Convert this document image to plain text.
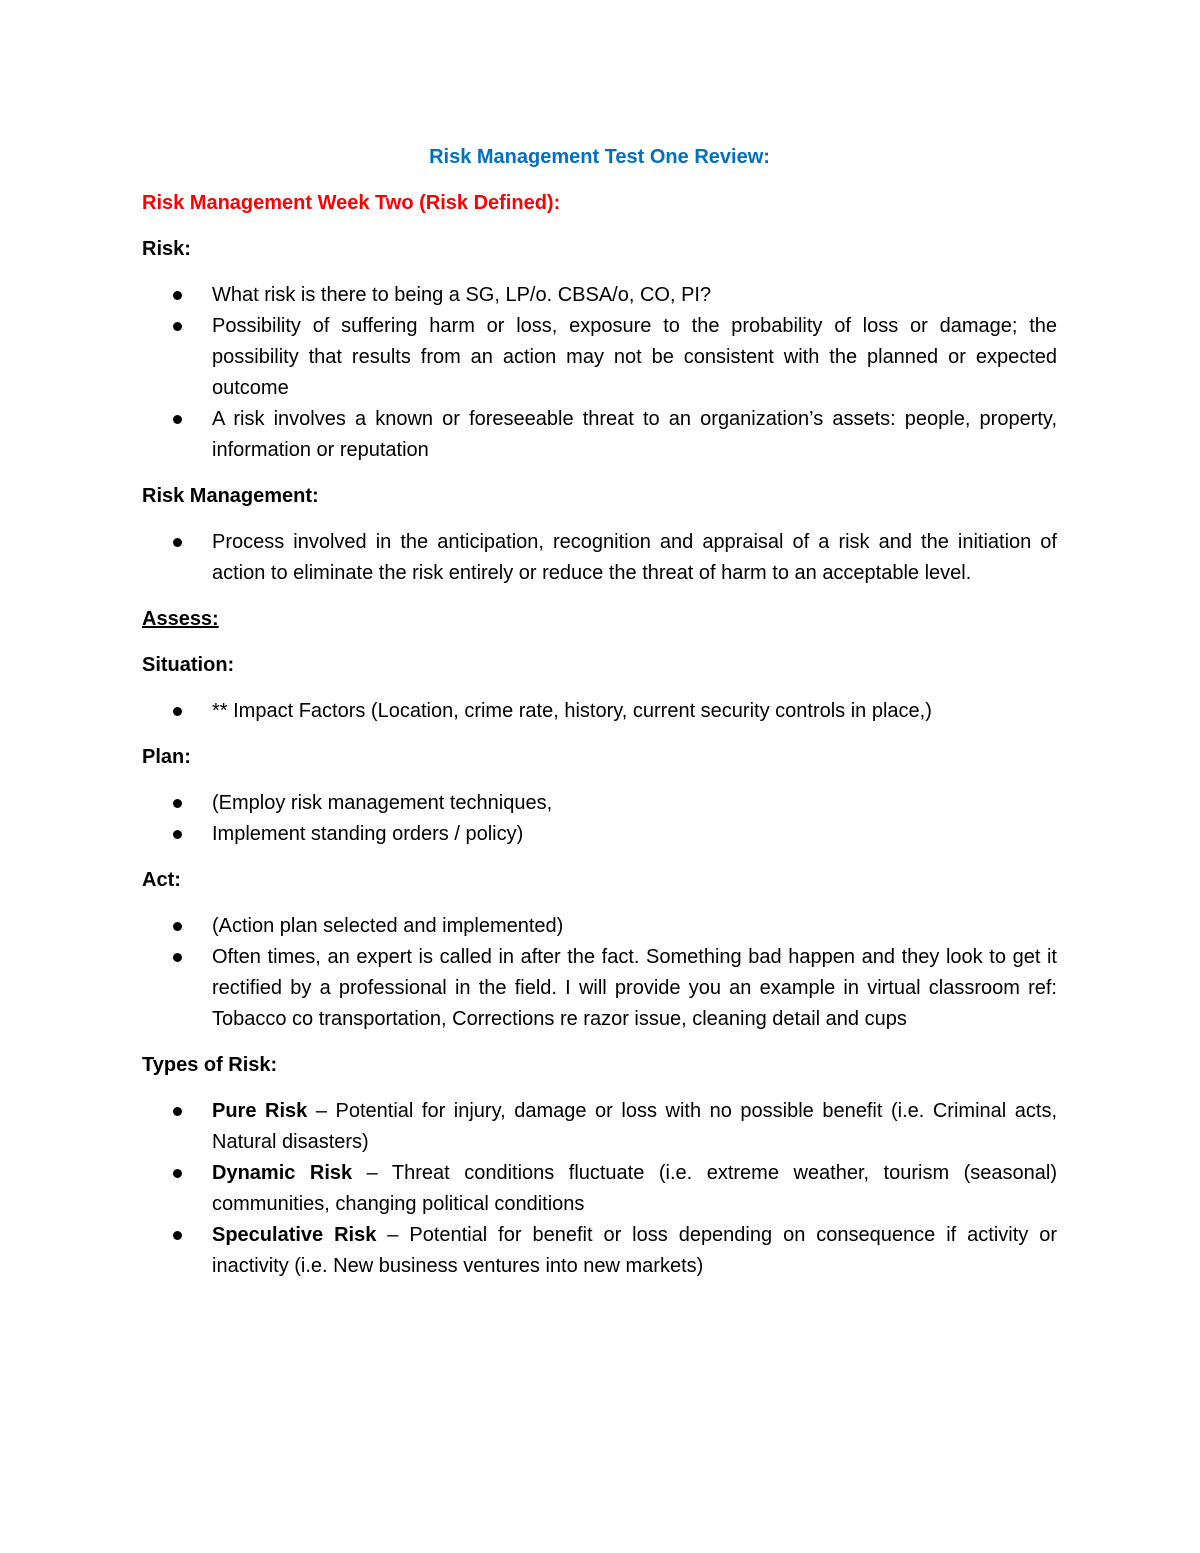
Risk Management Test One Review:
Risk Management Week Two (Risk Defined):
Risk:
What risk is there to being a SG, LP/o. CBSA/o, CO, PI?
Possibility of suffering harm or loss, exposure to the probability of loss or damage; the possibility that results from an action may not be consistent with the planned or expected outcome
A risk involves a known or foreseeable threat to an organization’s assets: people, property, information or reputation
Risk Management:
Process involved in the anticipation, recognition and appraisal of a risk and the initiation of action to eliminate the risk entirely or reduce the threat of harm to an acceptable level.
Assess:
Situation:
** Impact Factors (Location, crime rate, history, current security controls in place,)
Plan:
(Employ risk management techniques,
Implement standing orders / policy)
Act:
(Action plan selected and implemented)
Often times, an expert is called in after the fact. Something bad happen and they look to get it rectified by a professional in the field. I will provide you an example in virtual classroom ref: Tobacco co transportation, Corrections re razor issue, cleaning detail and cups
Types of Risk:
Pure Risk – Potential for injury, damage or loss with no possible benefit (i.e. Criminal acts, Natural disasters)
Dynamic Risk – Threat conditions fluctuate (i.e. extreme weather, tourism (seasonal) communities, changing political conditions
Speculative Risk – Potential for benefit or loss depending on consequence if activity or inactivity (i.e. New business ventures into new markets)
